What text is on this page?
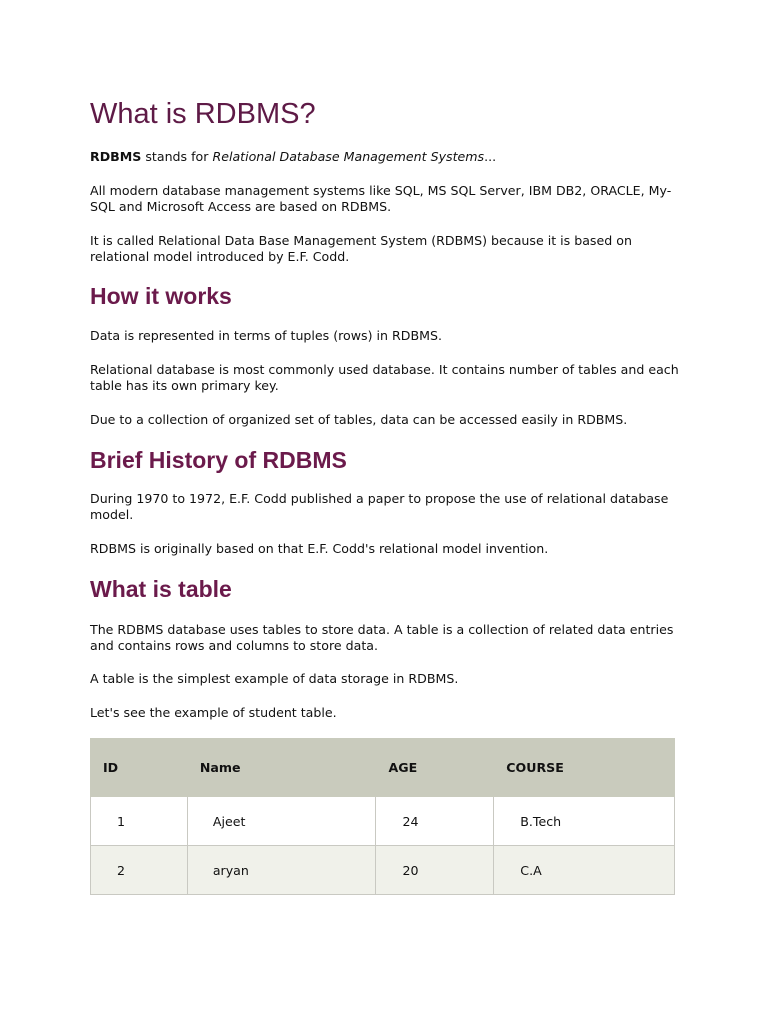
What is RDBMS?

RDBMS stands for Relational Database Management Systems...

All modern database management systems like SQL, MS SQL Server, IBM DB2, ORACLE, My-SQL and Microsoft Access are based on RDBMS.

It is called Relational Data Base Management System (RDBMS) because it is based on relational model introduced by E.F. Codd.

How it works

Data is represented in terms of tuples (rows) in RDBMS.

Relational database is most commonly used database. It contains number of tables and each table has its own primary key.

Due to a collection of organized set of tables, data can be accessed easily in RDBMS.

Brief History of RDBMS

During 1970 to 1972, E.F. Codd published a paper to propose the use of relational database model.

RDBMS is originally based on that E.F. Codd's relational model invention.

What is table

The RDBMS database uses tables to store data. A table is a collection of related data entries and contains rows and columns to store data.

A table is the simplest example of data storage in RDBMS.

Let's see the example of student table.

ID	Name	AGE	COURSE
1	Ajeet	24	B.Tech
2	aryan	20	C.A
